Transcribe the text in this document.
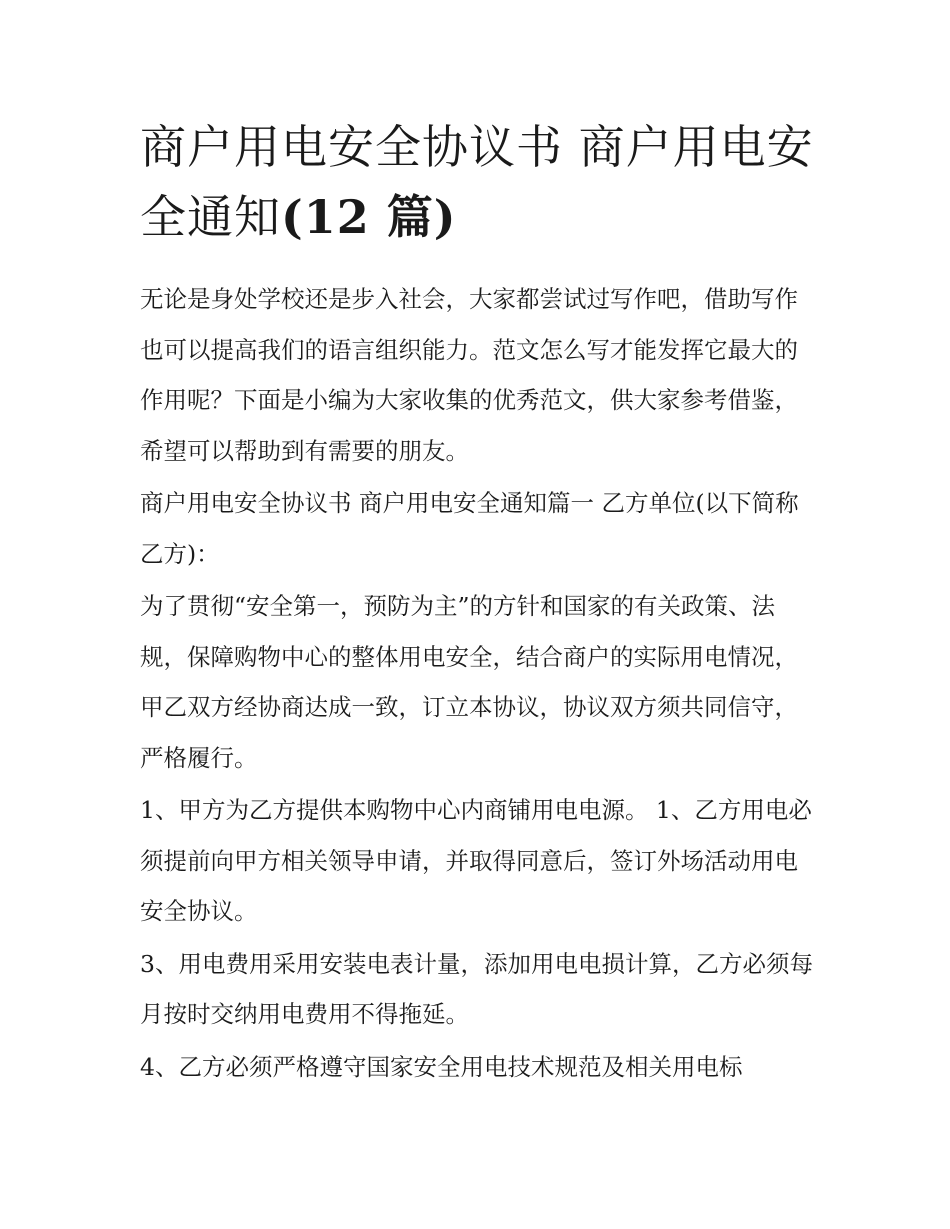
商户用电安全协议书 商户用电安全通知(12 篇)

无论是身处学校还是步入社会，大家都尝试过写作吧，借助写作也可以提高我们的语言组织能力。范文怎么写才能发挥它最大的作用呢？下面是小编为大家收集的优秀范文，供大家参考借鉴，希望可以帮助到有需要的朋友。

商户用电安全协议书 商户用电安全通知篇一 乙方单位(以下简称乙方)：

为了贯彻“安全第一，预防为主”的方针和国家的有关政策、法规，保障购物中心的整体用电安全，结合商户的实际用电情况，甲乙双方经协商达成一致，订立本协议，协议双方须共同信守，严格履行。

1、甲方为乙方提供本购物中心内商铺用电电源。 1、乙方用电必须提前向甲方相关领导申请，并取得同意后，签订外场活动用电安全协议。

3、用电费用采用安装电表计量，添加用电电损计算，乙方必须每月按时交纳用电费用不得拖延。

4、乙方必须严格遵守国家安全用电技术规范及相关用电标
